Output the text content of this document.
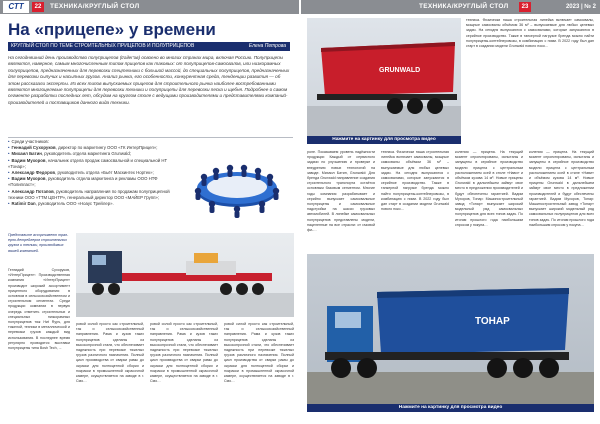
СТТ	22	ТЕХНИКА/КРУГЛЫЙ СТОЛ	ТЕХНИКА/КРУГЛЫЙ СТОЛ	23	2023 | № 2
На «прицепе» у времени
КРУГЛЫЙ СТОЛ ПО ТЕМЕ СТРОИТЕЛЬНЫХ ПРИЦЕПОВ И ПОЛУПРИЦЕПОВ	Елена Петрова
На сегодняшний день производство полуприцепов (trailer'ов) освоено во многих странах мира, включая Россию. Полуприцепы являются, наверное, самым многочисленным типом прицепов как таковых: от полуприцепов-самосвалов, или низкорамных полуприцепов, предназначенных для перевозки спецтехники с большой массой, до специальных полуприцепов, предназначенных для перевозки сыпучих и насыпных грузов. Анализ рынка, его особенности, конкурентная среда, тенденции развития — об этом рассказали эксперты. Из всех типов выпускаемых прицепов для строительного рынка наиболее востребованными являются многоцелевые полуприцепы для перевозки техники и полуприцепы для перевозки песка и щебня. Подробнее о самом сегменте разработки последних лет, обсудим на круглом столе с ведущими производителями и представителями компаний-производителей и поставщиков данного вида техники.
• Среди участников:
• Геннадий Сухоруков, директор по маркетингу ООО «ГК ИнтерПрицеп»;
• Михаил Батин, руководитель отдела маркетинга Grunwald;
• Вадим Мухоров, начальник отдела продаж самосвальной и специальной НТ «Тонар»;
• Александр Федоров, руководитель отдела «Бьёт Маскинтех Нортек»;
• Вадим Мухоров, руководитель отдела маркетинга и рекламы ООО НТФ «Полипласт»;
• Александр Потапов, руководитель направления по продажам полуприцепной техники ООО «ТТМ ЦЕНТР», генеральный директор ООО «МАЙЕР Групп»;
• Ratimir Dan, руководитель ООО «Ноаус Трейлер».
Представьте ассортимент трал-ерно-детрейлеров строительных грузов и техники, производимых вашей компанией.
Геннадий Сухоруков, «ИнтерПрицеп»: Производственная компания «ИнтерПрицеп» производит широкий ассортимент прицепного оборудования: в основном в сельскохозяйственном и строительном сегментах. Среди продукции компании в первую очередь отметить строительных и специальных низкорамных полуприцепов тяж Ниt Ryps, для тяжелой, техники в металлической и перевозки грузов каждый вид использования. В последнее время регулярно проводятся выставки полуприцепы типа Bosh Tech, ...
ровой силой просто как строительный, так и сельскохозяйственный направления. Рама и кузов таких полуприцепов сделаны из высокопрочной стали, что обеспечивает надежность при перевозке тяжелых грузов различного назначения. Полный цикл производства от сварки рамы до окраски для полноценной сборки и покраски в промышленной окрасочной камере, осуществляется на заводе в г. Смо…
ровой силой просто как строительный, так и сельскохозяйственный направления. Рама и кузов таких полуприцепов сделаны из высокопрочной стали, что обеспечивает надежность при перевозке тяжелых грузов различного назначения. Полный цикл производства от сварки рамы до окраски для полноценной сборки и покраски в промышленной окрасочной камере, осуществляется на заводе в г. Смо…
ровой силой просто как строительный, так и сельскохозяйственный направления. Рама и кузов таких полуприцепов сделаны из высокопрочной стали, что обеспечивает надежность при перевозке тяжелых грузов различного назначения. Полный цикл производства от сварки рамы до окраски для полноценной сборки и покраски в промышленной окрасочной камере, осуществляется на заводе в г. Смо…
GRUNWALD
Нажмите на картинку для просмотра видео
техника. Физически наша строительная линейка включает самосвалы, мощные самосвалы объёмом 36 м³ – выпускаемые для любых целевых задач. На сегодня выпускаются с самосвалами, которые запускаются в серийное производство. Также в танкерной нагрузке бренда можно найти полуприцепы-контейнеровозы, в комбинацию с ними. В 2022 году был дан старт в создании модели Grunwald нового поко…
роле. Показываем уровень надёжности продукции Каждый от сервисного задачи по улучшению и проверке и внедрению новых технологий на заводе. Михаил Батин, Grunwald: Для бренда Grunwald направление создания строительного транспорта остаётся основным базовым сегментом. Многие годы компания разрабатывает и серийно выпускает самосвальные полуприцепы и самосвальные надстройки на шасси грузовых автомобилей. В линейке самосвальных полуприцепов представлены модели, нацеленные на все отрасли: от газовой фи-…
техника. Физически наша строительная линейка включает самосвалы, мощные самосвалы объёмом 36 м³ – выпускаемые для любых целевых задач. На сегодня выпускаются с самосвалами, которые запускаются в серийное производство. Также в танкерной нагрузке бренда можно найти полуприцепы-контейнеровозы, в комбинацию с ними. В 2022 году был дан старт в создании модели Grunwald нового поко…
коления — прицепа. На текущий момент спроектированы, испытаны и запущены в серийное производство модели прицепа с центральным расположением осей в стиле «Нави» и объёмом кузова 14 м³. Новые прицепы Grunwald в дальнейшем займут свое место в предложении производителей и будут обеспечены гарантией. Вадим Мухоров, Тонар: Машиностроительный завод «Тонар» выпускает широкий модельный ряд самосвальных полуприцепов для всех типов задач. По итогам прошлого года наибольшим спросом у покупа…
коления — прицепа. На текущий момент спроектированы, испытаны и запущены в серийное производство модели прицепа с центральным расположением осей в стиле «Нави» и объёмом кузова 14 м³. Новые прицепы Grunwald в дальнейшем займут свое место в предложении производителей и будут обеспечены гарантией. Вадим Мухоров, Тонар: Машиностроительный завод «Тонар» выпускает широкий модельный ряд самосвальных полуприцепов для всех типов задач. По итогам прошлого года наибольшим спросом у покупа…
ТОНАР
Нажмите на картинку для просмотра видео
